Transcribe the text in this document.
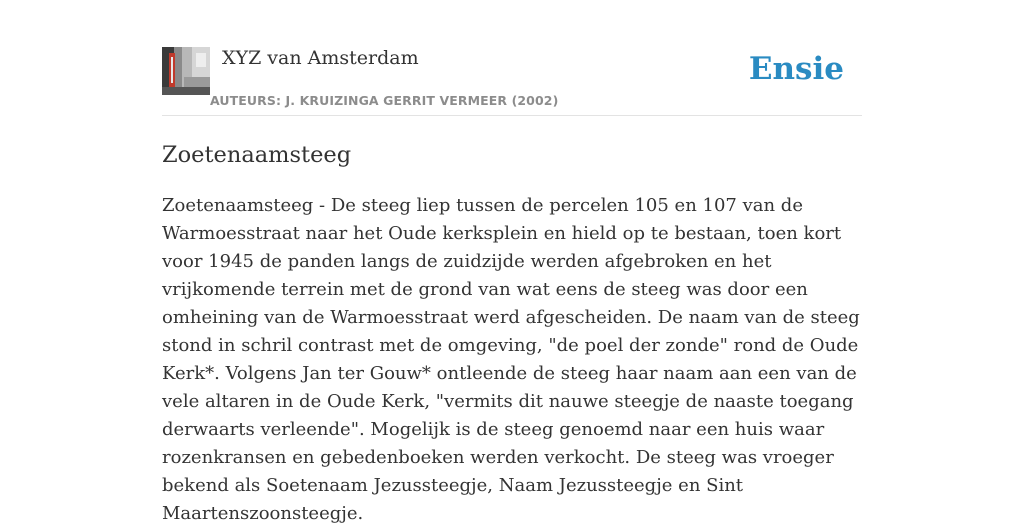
XYZ van Amsterdam
AUTEURS: J. KRUIZINGA GERRIT VERMEER (2002)
Ensie
Zoetenaamsteeg

Zoetenaamsteeg - De steeg liep tussen de percelen 105 en 107 van de Warmoesstraat naar het Oude kerksplein en hield op te bestaan, toen kort voor 1945 de panden langs de zuidzijde werden afgebroken en het vrijkomende terrein met de grond van wat eens de steeg was door een omheining van de Warmoesstraat werd afgescheiden. De naam van de steeg stond in schril contrast met de omgeving, "de poel der zonde" rond de Oude Kerk*. Volgens Jan ter Gouw* ontleende de steeg haar naam aan een van de vele altaren in de Oude Kerk, "vermits dit nauwe steegje de naaste toegang derwaarts verleende". Mogelijk is de steeg genoemd naar een huis waar rozenkransen en gebedenboeken werden verkocht. De steeg was vroeger bekend als Soetenaam Jezussteegje, Naam Jezussteegje en Sint Maartenszoonsteegje.
